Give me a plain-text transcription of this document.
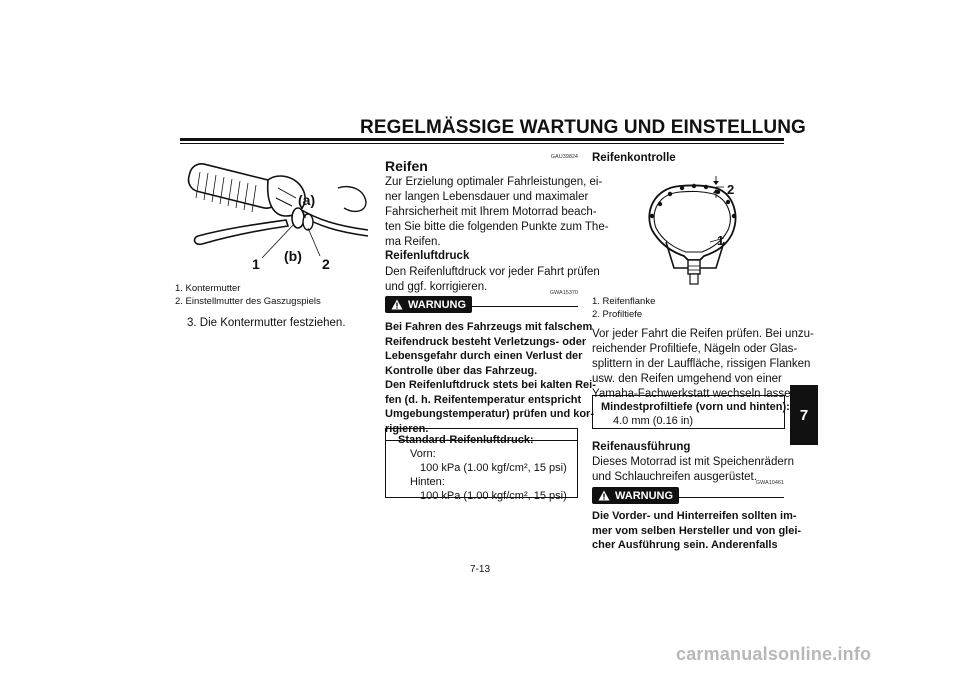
REGELMÄSSIGE WARTUNG UND EINSTELLUNG
7
(a)
(b)
1	2
1. Kontermutter
2. Einstellmutter des Gaszugspiels
3. Die Kontermutter festziehen.
GAU39824
Reifen
Zur Erzielung optimaler Fahrleistungen, ei-
ner langen Lebensdauer und maximaler
Fahrsicherheit mit Ihrem Motorrad beach-
ten Sie bitte die folgenden Punkte zum The-
ma Reifen.
Reifenluftdruck
Den Reifenluftdruck vor jeder Fahrt prüfen
und ggf. korrigieren.
WARNUNG
GWA15370
Bei Fahren des Fahrzeugs mit falschem
Reifendruck besteht Verletzungs- oder
Lebensgefahr durch einen Verlust der
Kontrolle über das Fahrzeug.
Den Reifenluftdruck stets bei kalten Rei-
fen (d. h. Reifentemperatur entspricht
Umgebungstemperatur) prüfen und kor-
rigieren.
Standard-Reifenluftdruck:
Vorn:
100 kPa (1.00 kgf/cm², 15 psi)
Hinten:
100 kPa (1.00 kgf/cm², 15 psi)
Reifenkontrolle
2
1
1. Reifenflanke
2. Profiltiefe
Vor jeder Fahrt die Reifen prüfen. Bei unzu-
reichender Profiltiefe, Nägeln oder Glas-
splittern in der Lauffläche, rissigen Flanken
usw. den Reifen umgehend von einer
Yamaha-Fachwerkstatt wechseln lassen.
Mindestprofiltiefe (vorn und hinten):
4.0 mm (0.16 in)
Reifenausführung
Dieses Motorrad ist mit Speichenrädern
und Schlauchreifen ausgerüstet.
GWA10461
WARNUNG
Die Vorder- und Hinterreifen sollten im-
mer vom selben Hersteller und von glei-
cher Ausführung sein. Anderenfalls
7-13
carmanualsonline.info
